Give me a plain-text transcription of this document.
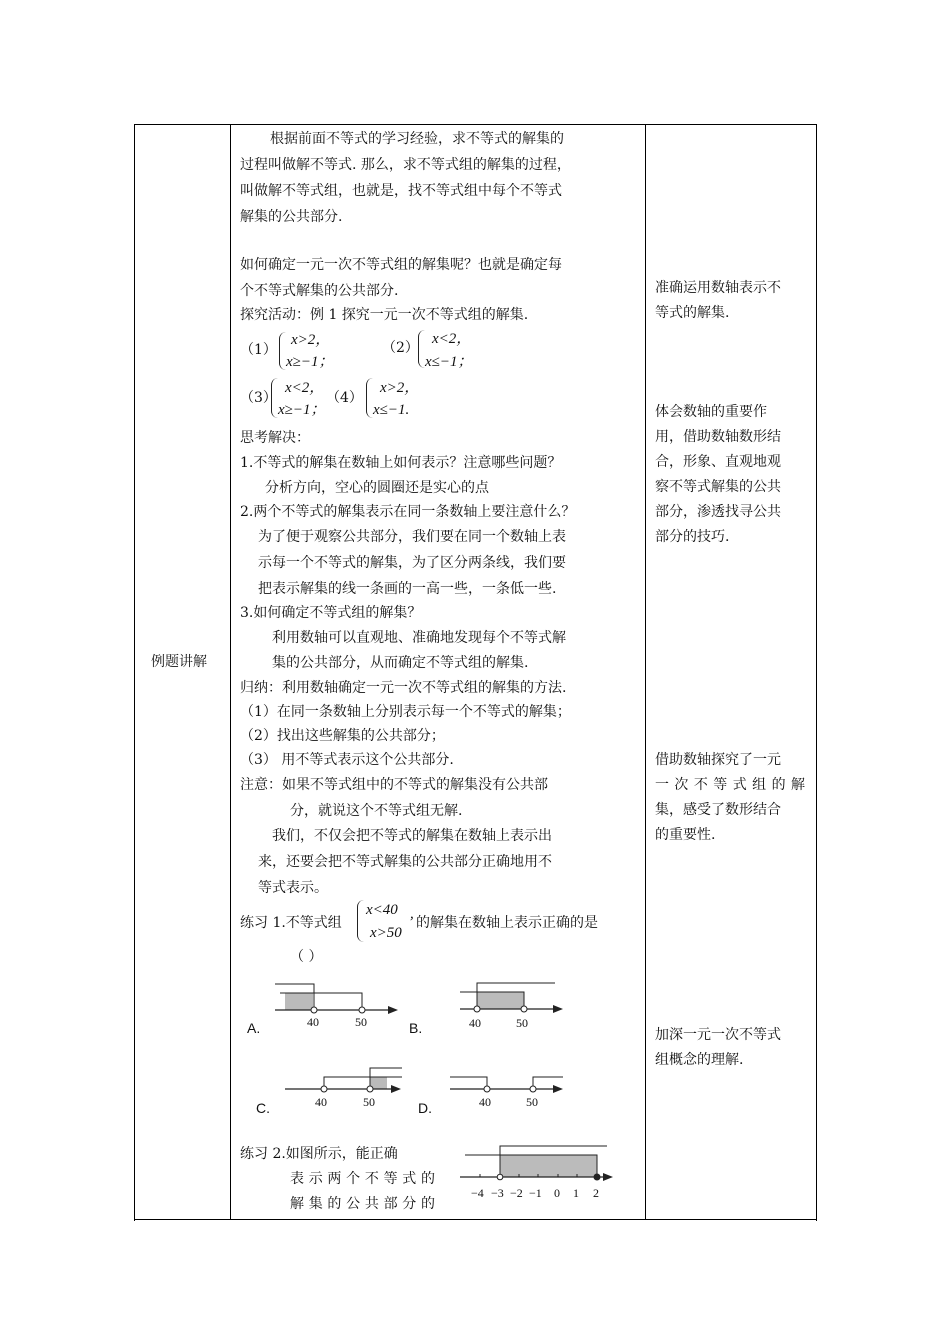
例题讲解
根据前面不等式的学习经验，求不等式的解集的
过程叫做解不等式. 那么，求不等式组的解集的过程，
叫做解不等式组，也就是，找不等式组中每个不等式
解集的公共部分.
如何确定一元一次不等式组的解集呢？也就是确定每
个不等式解集的公共部分.
探究活动：例 1 探究一元一次不等式组的解集.
（1）
x>2，
x≥−1；
（2）
x<2，
x≤−1；
（3）
x<2，
x≥−1；
（4）
x>2，
x≤−1.
思考解决：
1.不等式的解集在数轴上如何表示？注意哪些问题？
分析方向，空心的圆圈还是实心的点
2.两个不等式的解集表示在同一条数轴上要注意什么？
为了便于观察公共部分，我们要在同一个数轴上表
示每一个不等式的解集，为了区分两条线，我们要
把表示解集的线一条画的一高一些，一条低一些.
3.如何确定不等式组的解集？
利用数轴可以直观地、准确地发现每个不等式解
集的公共部分，从而确定不等式组的解集.
归纳：利用数轴确定一元一次不等式组的解集的方法.
（1）在同一条数轴上分别表示每一个不等式的解集；
（2）找出这些解集的公共部分；
（3） 用不等式表示这个公共部分.
注意：如果不等式组中的不等式的解集没有公共部
分，就说这个不等式组无解.
我们，不仅会把不等式的解集在数轴上表示出
来，还要会把不等式解集的公共部分正确地用不
等式表示。
练习 1.不等式组
x<40 ,
x>50
的解集在数轴上表示正确的是
（ ）
40	50
A.	40	50
B.
40	50
C.	40	50
D.
练习 2.如图所示，能正确
表示两个不等式的
解集的公共部分的
−4 −3 −2 −1 0 1 2
准确运用数轴表示不
等式的解集.
体会数轴的重要作
用，借助数轴数形结
合，形象、直观地观
察不等式解集的公共
部分，渗透找寻公共
部分的技巧.
借助数轴探究了一元
一次不等式组的解
集，感受了数形结合
的重要性.
加深一元一次不等式
组概念的理解.
